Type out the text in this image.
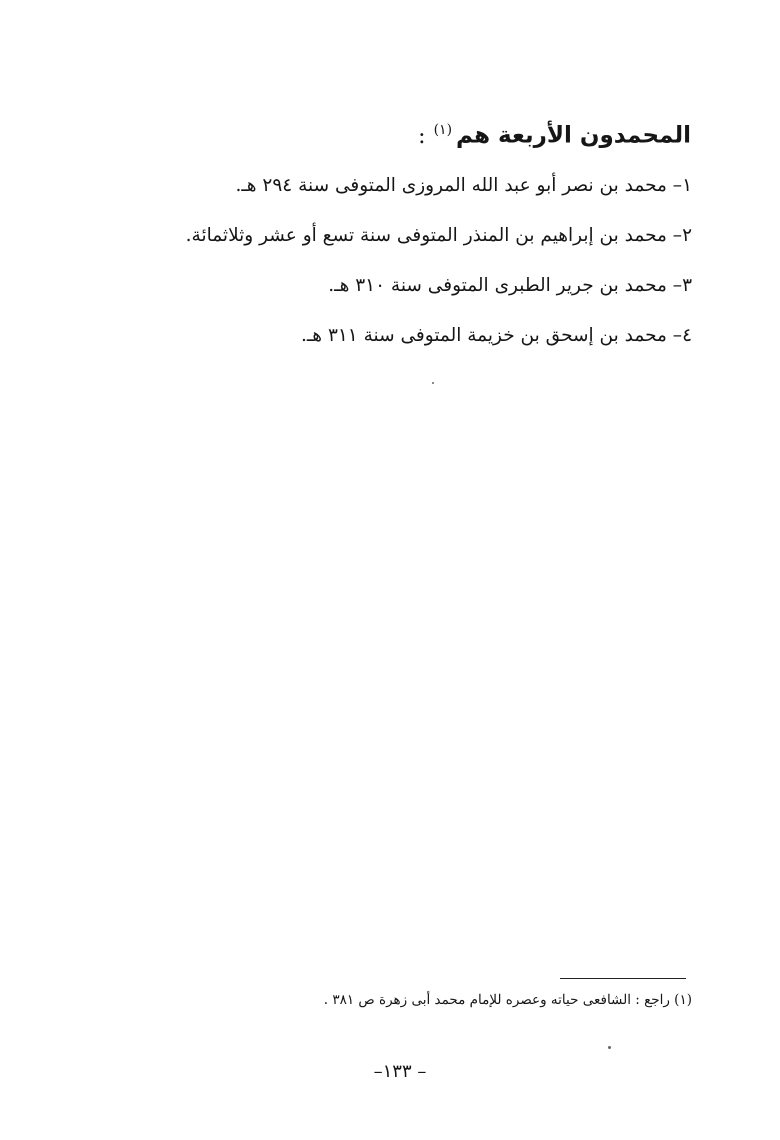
المحمدون الأربعة هم$^{(١)}$:
١– محمد بن نصر أبو عبد الله المروزى المتوفى سنة ٢٩٤ هـ.
٢– محمد بن إبراهيم بن المنذر المتوفى سنة تسع أو عشر وثلاثمائة.
٣– محمد بن جرير الطبرى المتوفى سنة ٣١٠ هـ.
٤– محمد بن إسحق بن خزيمة المتوفى سنة ٣١١ هـ.

(١) راجع : الشافعى حياته وعصره للإمام محمد أبى زهرة ص ٣٨١ .

–١٣٣ –
